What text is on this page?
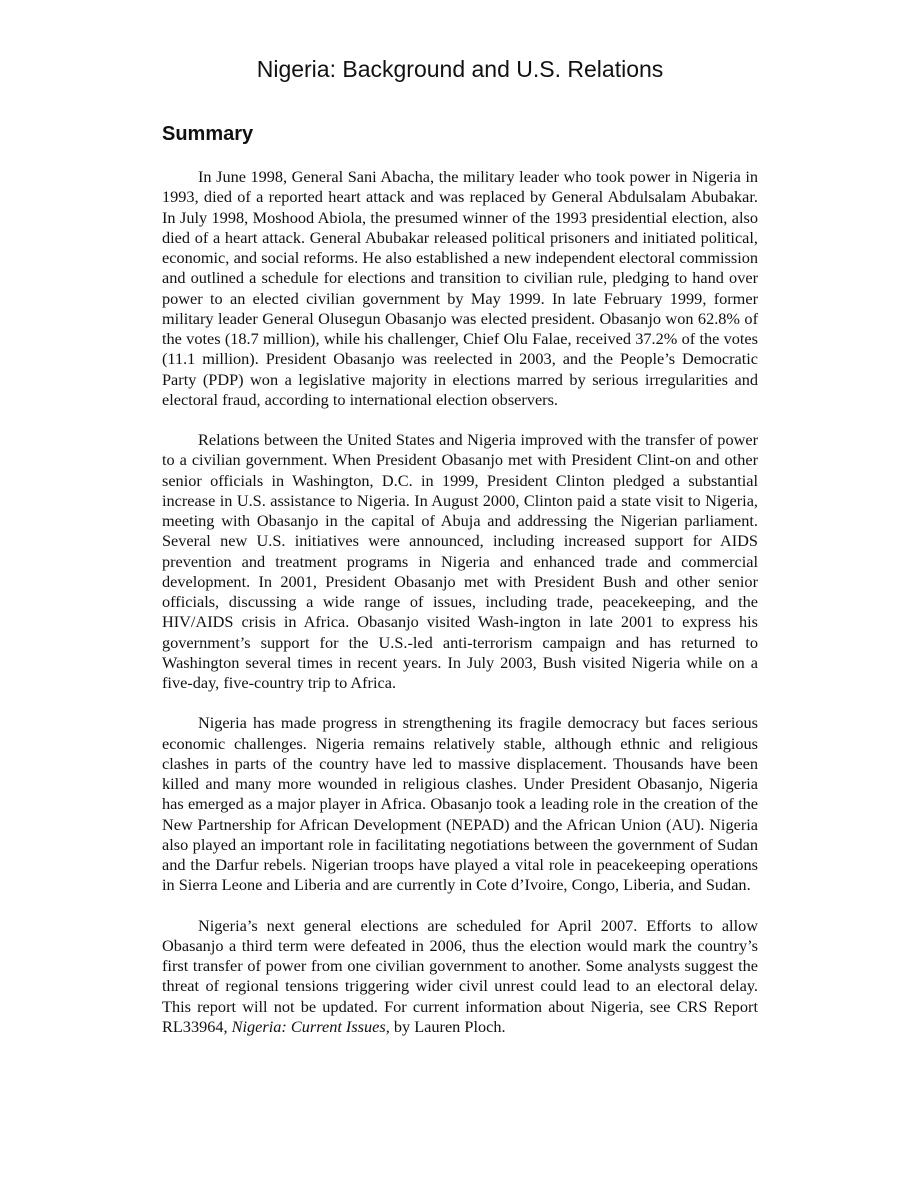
Nigeria: Background and U.S. Relations
Summary

In June 1998, General Sani Abacha, the military leader who took power in Nigeria in 1993, died of a reported heart attack and was replaced by General Abdulsalam Abubakar. In July 1998, Moshood Abiola, the presumed winner of the 1993 presidential election, also died of a heart attack. General Abubakar released political prisoners and initiated political, economic, and social reforms. He also established a new independent electoral commission and outlined a schedule for elections and transition to civilian rule, pledging to hand over power to an elected civilian government by May 1999. In late February 1999, former military leader General Olusegun Obasanjo was elected president. Obasanjo won 62.8% of the votes (18.7 million), while his challenger, Chief Olu Falae, received 37.2% of the votes (11.1 million). President Obasanjo was reelected in 2003, and the People’s Democratic Party (PDP) won a legislative majority in elections marred by serious irregularities and electoral fraud, according to international election observers.

Relations between the United States and Nigeria improved with the transfer of power to a civilian government. When President Obasanjo met with President Clint-on and other senior officials in Washington, D.C. in 1999, President Clinton pledged a substantial increase in U.S. assistance to Nigeria. In August 2000, Clinton paid a state visit to Nigeria, meeting with Obasanjo in the capital of Abuja and addressing the Nigerian parliament. Several new U.S. initiatives were announced, including increased support for AIDS prevention and treatment programs in Nigeria and enhanced trade and commercial development. In 2001, President Obasanjo met with President Bush and other senior officials, discussing a wide range of issues, including trade, peacekeeping, and the HIV/AIDS crisis in Africa. Obasanjo visited Wash-ington in late 2001 to express his government’s support for the U.S.-led anti-terrorism campaign and has returned to Washington several times in recent years. In July 2003, Bush visited Nigeria while on a five-day, five-country trip to Africa.

Nigeria has made progress in strengthening its fragile democracy but faces serious economic challenges. Nigeria remains relatively stable, although ethnic and religious clashes in parts of the country have led to massive displacement. Thousands have been killed and many more wounded in religious clashes. Under President Obasanjo, Nigeria has emerged as a major player in Africa. Obasanjo took a leading role in the creation of the New Partnership for African Development (NEPAD) and the African Union (AU). Nigeria also played an important role in facilitating negotiations between the government of Sudan and the Darfur rebels. Nigerian troops have played a vital role in peacekeeping operations in Sierra Leone and Liberia and are currently in Cote d’Ivoire, Congo, Liberia, and Sudan.

Nigeria’s next general elections are scheduled for April 2007. Efforts to allow Obasanjo a third term were defeated in 2006, thus the election would mark the country’s first transfer of power from one civilian government to another. Some analysts suggest the threat of regional tensions triggering wider civil unrest could lead to an electoral delay. This report will not be updated. For current information about Nigeria, see CRS Report RL33964, Nigeria: Current Issues, by Lauren Ploch.
